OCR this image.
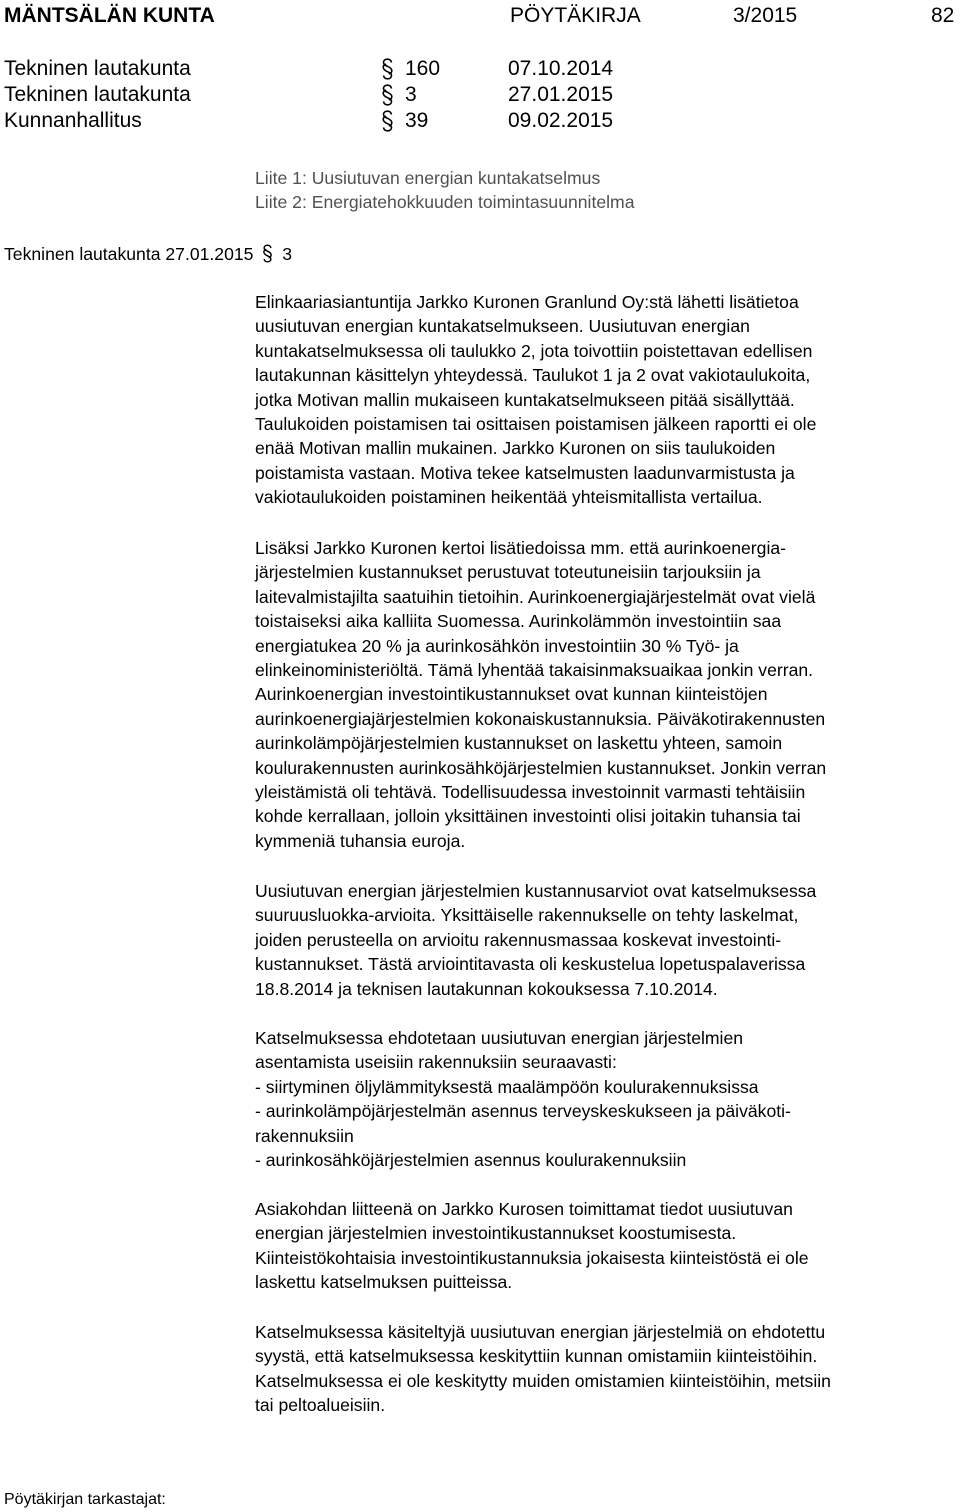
MÄNTSÄLÄN KUNTA	PÖYTÄKIRJA	3/2015	82
Tekninen lautakunta	160	07.10.2014
Tekninen lautakunta	3	27.01.2015
Kunnanhallitus	39	09.02.2015
Liite 1: Uusiutuvan energian kuntakatselmus
Liite 2: Energiatehokkuuden toimintasuunnitelma
Tekninen lautakunta 27.01.2015 3
Elinkaariasiantuntija Jarkko Kuronen Granlund Oy:stä lähetti lisätietoa
uusiutuvan energian kuntakatselmukseen. Uusiutuvan energian
kuntakatselmuksessa oli taulukko 2, jota toivottiin poistettavan edellisen
lautakunnan käsittelyn yhteydessä. Taulukot 1 ja 2 ovat vakiotaulukoita,
jotka Motivan mallin mukaiseen kuntakatselmukseen pitää sisällyttää.
Taulukoiden poistamisen tai osittaisen poistamisen jälkeen raportti ei ole
enää Motivan mallin mukainen. Jarkko Kuronen on siis taulukoiden
poistamista vastaan. Motiva tekee katselmusten laadunvarmistusta ja
vakiotaulukoiden poistaminen heikentää yhteismitallista vertailua.
Lisäksi Jarkko Kuronen kertoi lisätiedoissa mm. että aurinkoenergia-
järjestelmien kustannukset perustuvat toteutuneisiin tarjouksiin ja
laitevalmistajilta saatuihin tietoihin. Aurinkoenergiajärjestelmät ovat vielä
toistaiseksi aika kalliita Suomessa. Aurinkolämmön investointiin saa
energiatukea 20 % ja aurinkosähkön investointiin 30 % Työ- ja
elinkeinoministeriöltä. Tämä lyhentää takaisinmaksuaikaa jonkin verran.
Aurinkoenergian investointikustannukset ovat kunnan kiinteistöjen
aurinkoenergiajärjestelmien kokonaiskustannuksia. Päiväkotirakennusten
aurinkolämpöjärjestelmien kustannukset on laskettu yhteen, samoin
koulurakennusten aurinkosähköjärjestelmien kustannukset. Jonkin verran
yleistämistä oli tehtävä. Todellisuudessa investoinnit varmasti tehtäisiin
kohde kerrallaan, jolloin yksittäinen investointi olisi joitakin tuhansia tai
kymmeniä tuhansia euroja.
Uusiutuvan energian järjestelmien kustannusarviot ovat katselmuksessa
suuruusluokka-arvioita. Yksittäiselle rakennukselle on tehty laskelmat,
joiden perusteella on arvioitu rakennusmassaa koskevat investointi-
kustannukset. Tästä arviointitavasta oli keskustelua lopetuspalaverissa
18.8.2014 ja teknisen lautakunnan kokouksessa 7.10.2014.
Katselmuksessa ehdotetaan uusiutuvan energian järjestelmien
asentamista useisiin rakennuksiin seuraavasti:
- siirtyminen öljylämmityksestä maalämpöön koulurakennuksissa
- aurinkolämpöjärjestelmän asennus terveyskeskukseen ja päiväkoti-
rakennuksiin
- aurinkosähköjärjestelmien asennus koulurakennuksiin
Asiakohdan liitteenä on Jarkko Kurosen toimittamat tiedot uusiutuvan
energian järjestelmien investointikustannukset koostumisesta.
Kiinteistökohtaisia investointikustannuksia jokaisesta kiinteistöstä ei ole
laskettu katselmuksen puitteissa.
Katselmuksessa käsiteltyjä uusiutuvan energian järjestelmiä on ehdotettu
syystä, että katselmuksessa keskityttiin kunnan omistamiin kiinteistöihin.
Katselmuksessa ei ole keskitytty muiden omistamien kiinteistöihin, metsiin
tai peltoalueisiin.
Pöytäkirjan tarkastajat:
